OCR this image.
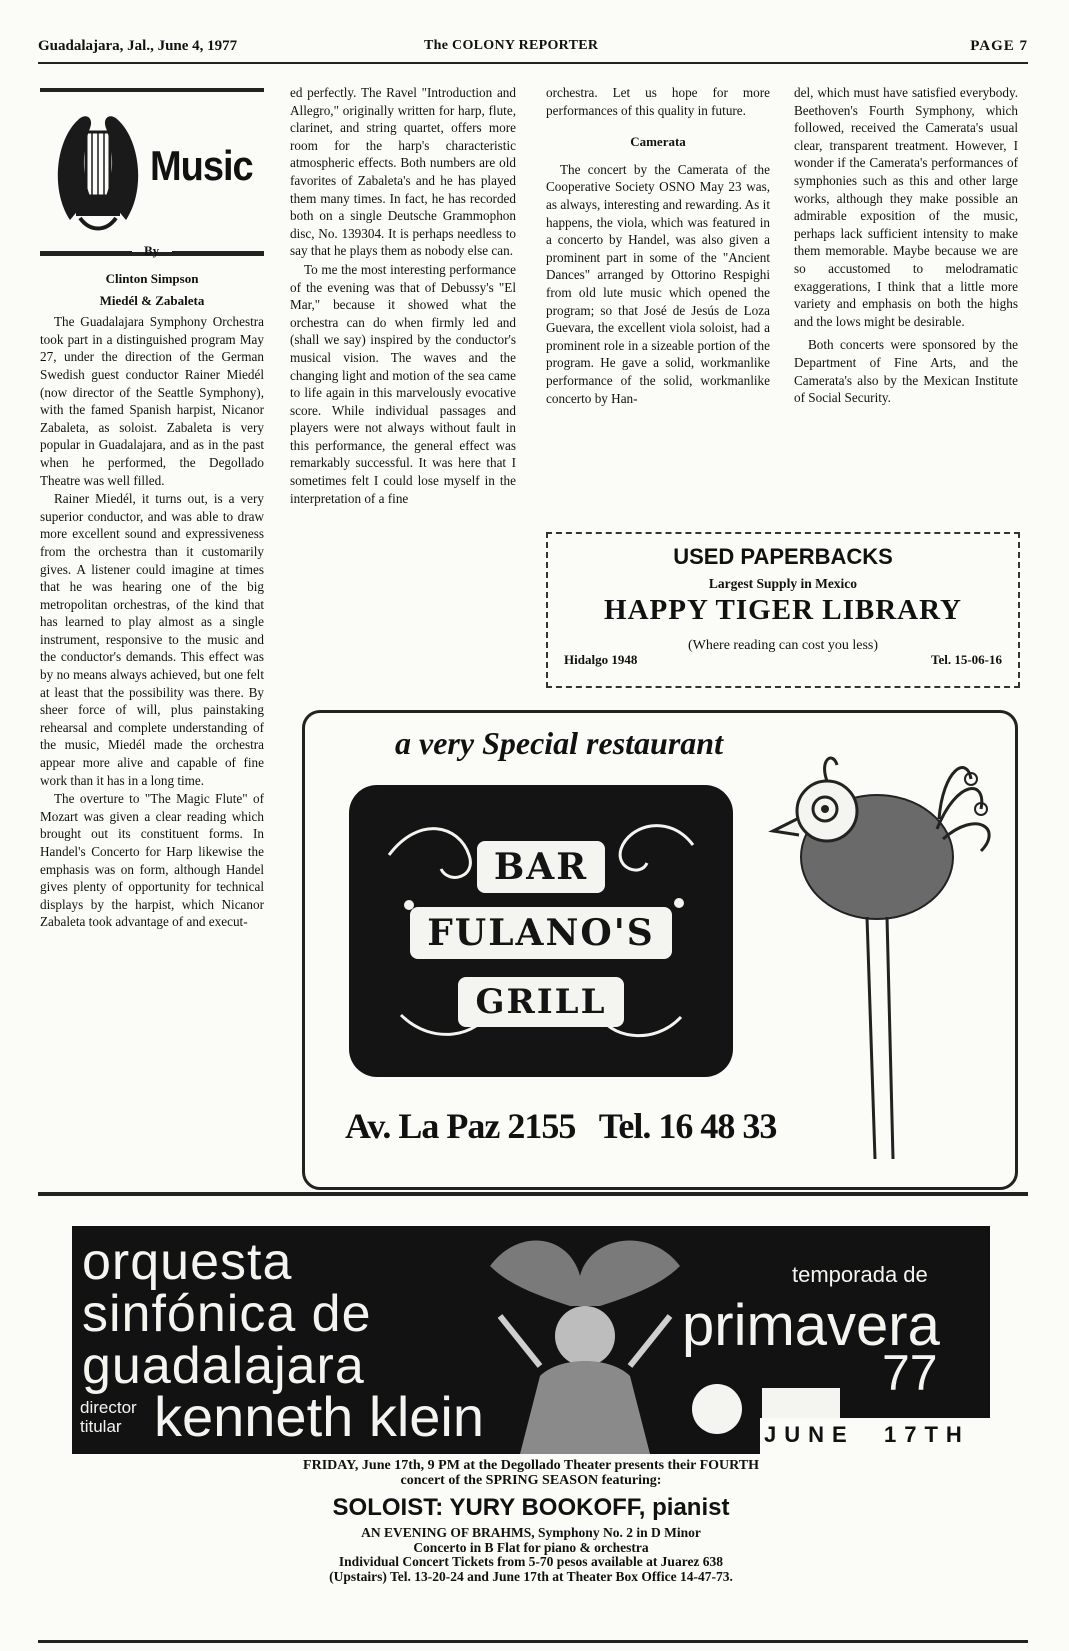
Guadalajara, Jal., June 4, 1977	The COLONY REPORTER	PAGE 7
Music
By
Clinton Simpson
Miedél & Zabaleta

The Guadalajara Symphony Orchestra took part in a distinguished program May 27, under the direction of the German Swedish guest conductor Rainer Miedél (now director of the Seattle Symphony), with the famed Spanish harpist, Nicanor Zabaleta, as soloist. Zabaleta is very popular in Guadalajara, and as in the past when he performed, the Degollado Theatre was well filled.

Rainer Miedél, it turns out, is a very superior conductor, and was able to draw more excellent sound and expressiveness from the orchestra than it customarily gives. A listener could imagine at times that he was hearing one of the big metropolitan orchestras, of the kind that has learned to play almost as a single instrument, responsive to the music and the conductor's demands. This effect was by no means always achieved, but one felt at least that the possibility was there. By sheer force of will, plus painstaking rehearsal and complete understanding of the music, Miedél made the orchestra appear more alive and capable of fine work than it has in a long time.

The overture to "The Magic Flute" of Mozart was given a clear reading which brought out its constituent forms. In Handel's Concerto for Harp likewise the emphasis was on form, although Handel gives plenty of opportunity for technical displays by the harpist, which Nicanor Zabaleta took advantage of and execut-

ed perfectly. The Ravel "Introduction and Allegro," originally written for harp, flute, clarinet, and string quartet, offers more room for the harp's characteristic atmospheric effects. Both numbers are old favorites of Zabaleta's and he has played them many times. In fact, he has recorded both on a single Deutsche Grammophon disc, No. 139304. It is perhaps needless to say that he plays them as nobody else can.

To me the most interesting performance of the evening was that of Debussy's "El Mar," because it showed what the orchestra can do when firmly led and (shall we say) inspired by the conductor's musical vision. The waves and the changing light and motion of the sea came to life again in this marvelously evocative score. While individual passages and players were not always without fault in this performance, the general effect was remarkably successful. It was here that I sometimes felt I could lose myself in the interpretation of a fine

orchestra. Let us hope for more performances of this quality in future.

Camerata

The concert by the Camerata of the Cooperative Society OSNO May 23 was, as always, interesting and rewarding. As it happens, the viola, which was featured in a concerto by Handel, was also given a prominent part in some of the "Ancient Dances" arranged by Ottorino Respighi from old lute music which opened the program; so that José de Jesús de Loza Guevara, the excellent viola soloist, had a prominent role in a sizeable portion of the program. He gave a solid, workmanlike performance of the solid, workmanlike concerto by Han-

del, which must have satisfied everybody. Beethoven's Fourth Symphony, which followed, received the Camerata's usual clear, transparent treatment. However, I wonder if the Camerata's performances of symphonies such as this and other large works, although they make possible an admirable exposition of the music, perhaps lack sufficient intensity to make them memorable. Maybe because we are so accustomed to melodramatic exaggerations, I think that a little more variety and emphasis on both the highs and the lows might be desirable.

Both concerts were sponsored by the Department of Fine Arts, and the Camerata's also by the Mexican Institute of Social Security.

USED PAPERBACKS
Largest Supply in Mexico
HAPPY TIGER LIBRARY
(Where reading can cost you less)
Hidalgo 1948	Tel. 15-06-16
a very Special restaurant
BAR
FULANO'S
GRILL
Av. La Paz 2155 Tel. 16 48 33
orquesta
sinfónica de
guadalajara
director
titular kenneth klein
temporada de
primavera
77
JUNE 17TH
FRIDAY, June 17th, 9 PM at the Degollado Theater presents their FOURTH
concert of the SPRING SEASON featuring:
SOLOIST: YURY BOOKOFF, pianist
AN EVENING OF BRAHMS, Symphony No. 2 in D Minor
Concerto in B Flat for piano & orchestra
Individual Concert Tickets from 5-70 pesos available at Juarez 638
(Upstairs) Tel. 13-20-24 and June 17th at Theater Box Office 14-47-73.
